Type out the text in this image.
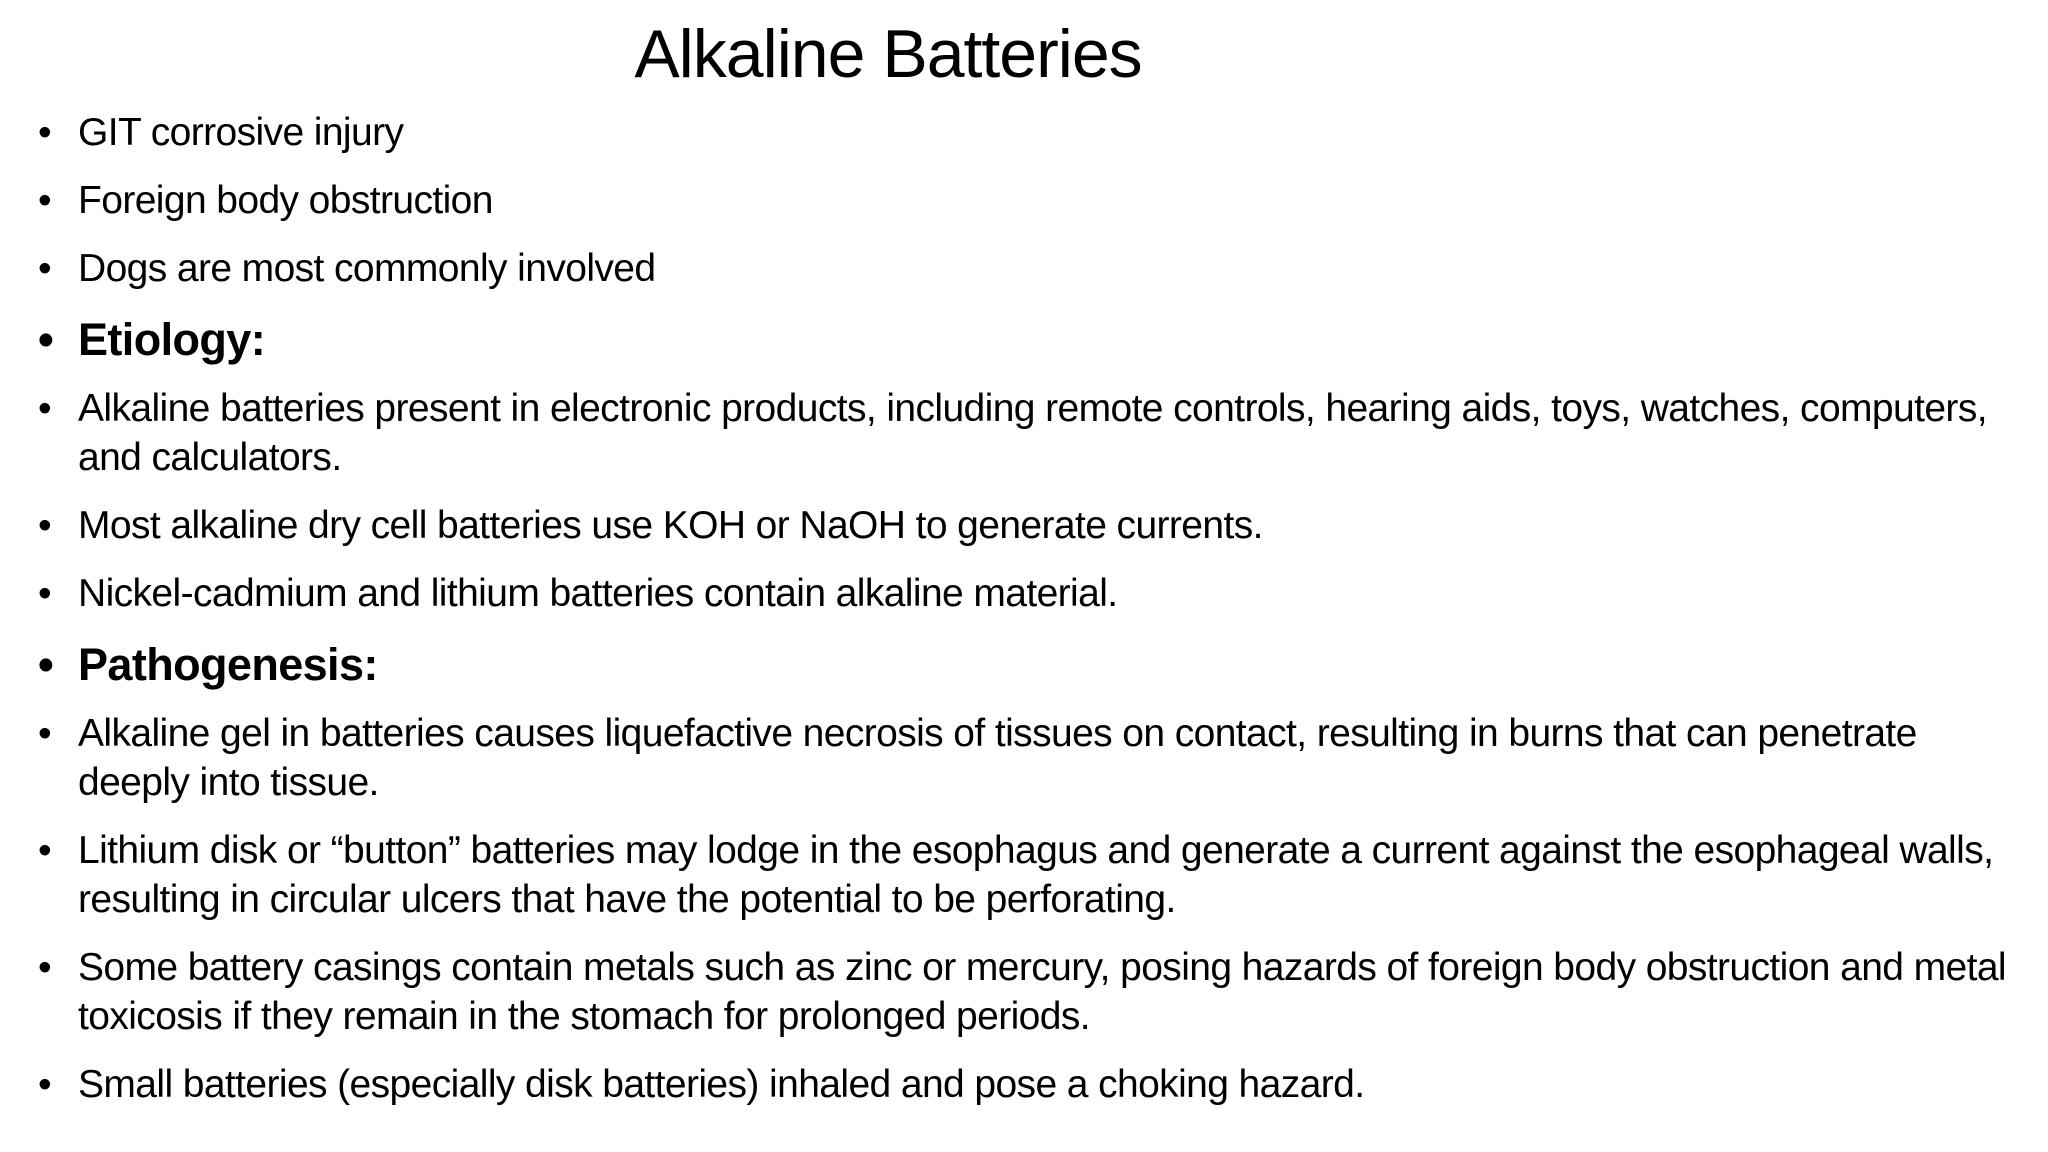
Alkaline Batteries
• GIT corrosive injury
• Foreign body obstruction
• Dogs are most commonly involved
• Etiology:
• Alkaline batteries present in electronic products, including remote controls, hearing aids, toys, watches, computers, and calculators.
• Most alkaline dry cell batteries use KOH or NaOH to generate currents.
• Nickel-cadmium and lithium batteries contain alkaline material.
• Pathogenesis:
• Alkaline gel in batteries causes liquefactive necrosis of tissues on contact, resulting in burns that can penetrate deeply into tissue.
• Lithium disk or “button” batteries may lodge in the esophagus and generate a current against the esophageal walls, resulting in circular ulcers that have the potential to be perforating.
• Some battery casings contain metals such as zinc or mercury, posing hazards of foreign body obstruction and metal toxicosis if they remain in the stomach for prolonged periods.
• Small batteries (especially disk batteries) inhaled and pose a choking hazard.
